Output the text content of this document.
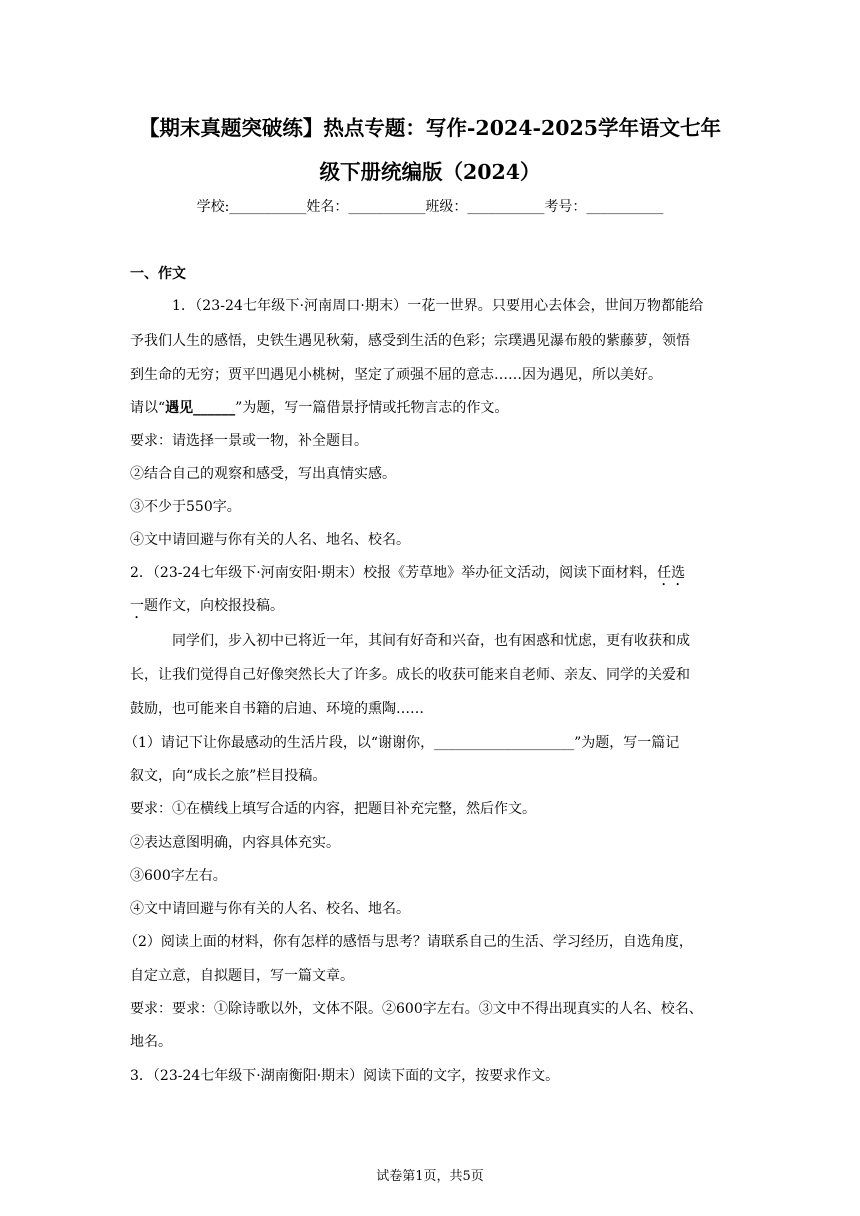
【期末真题突破练】热点专题：写作-2024-2025学年语文七年
级下册统编版（2024）
学校:___________姓名：___________班级：___________考号：___________
一、作文
1．（23-24七年级下·河南周口·期末）一花一世界。只要用心去体会，世间万物都能给
予我们人生的感悟，史铁生遇见秋菊，感受到生活的色彩；宗璞遇见瀑布般的紫藤萝，领悟
到生命的无穷；贾平凹遇见小桃树，坚定了顽强不屈的意志……因为遇见，所以美好。
请以“遇见______”为题，写一篇借景抒情或托物言志的作文。
要求：请选择一景或一物，补全题目。
②结合自己的观察和感受，写出真情实感。
③不少于550字。
④文中请回避与你有关的人名、地名、校名。
2．（23-24七年级下·河南安阳·期末）校报《芳草地》举办征文活动，阅读下面材料，任选
一题作文，向校报投稿。
同学们，步入初中已将近一年，其间有好奇和兴奋，也有困惑和忧虑，更有收获和成
长，让我们觉得自己好像突然长大了许多。成长的收获可能来自老师、亲友、同学的关爱和
鼓励，也可能来自书籍的启迪、环境的熏陶……
（1）请记下让你最感动的生活片段，以“谢谢你，____________________”为题，写一篇记
叙文，向“成长之旅”栏目投稿。
要求：①在横线上填写合适的内容，把题目补充完整，然后作文。
②表达意图明确，内容具体充实。
③600字左右。
④文中请回避与你有关的人名、校名、地名。
（2）阅读上面的材料，你有怎样的感悟与思考？请联系自己的生活、学习经历，自选角度，
自定立意，自拟题目，写一篇文章。
要求：要求：①除诗歌以外，文体不限。②600字左右。③文中不得出现真实的人名、校名、
地名。
3．（23-24七年级下·湖南衡阳·期末）阅读下面的文字，按要求作文。
试卷第1页，共5页
